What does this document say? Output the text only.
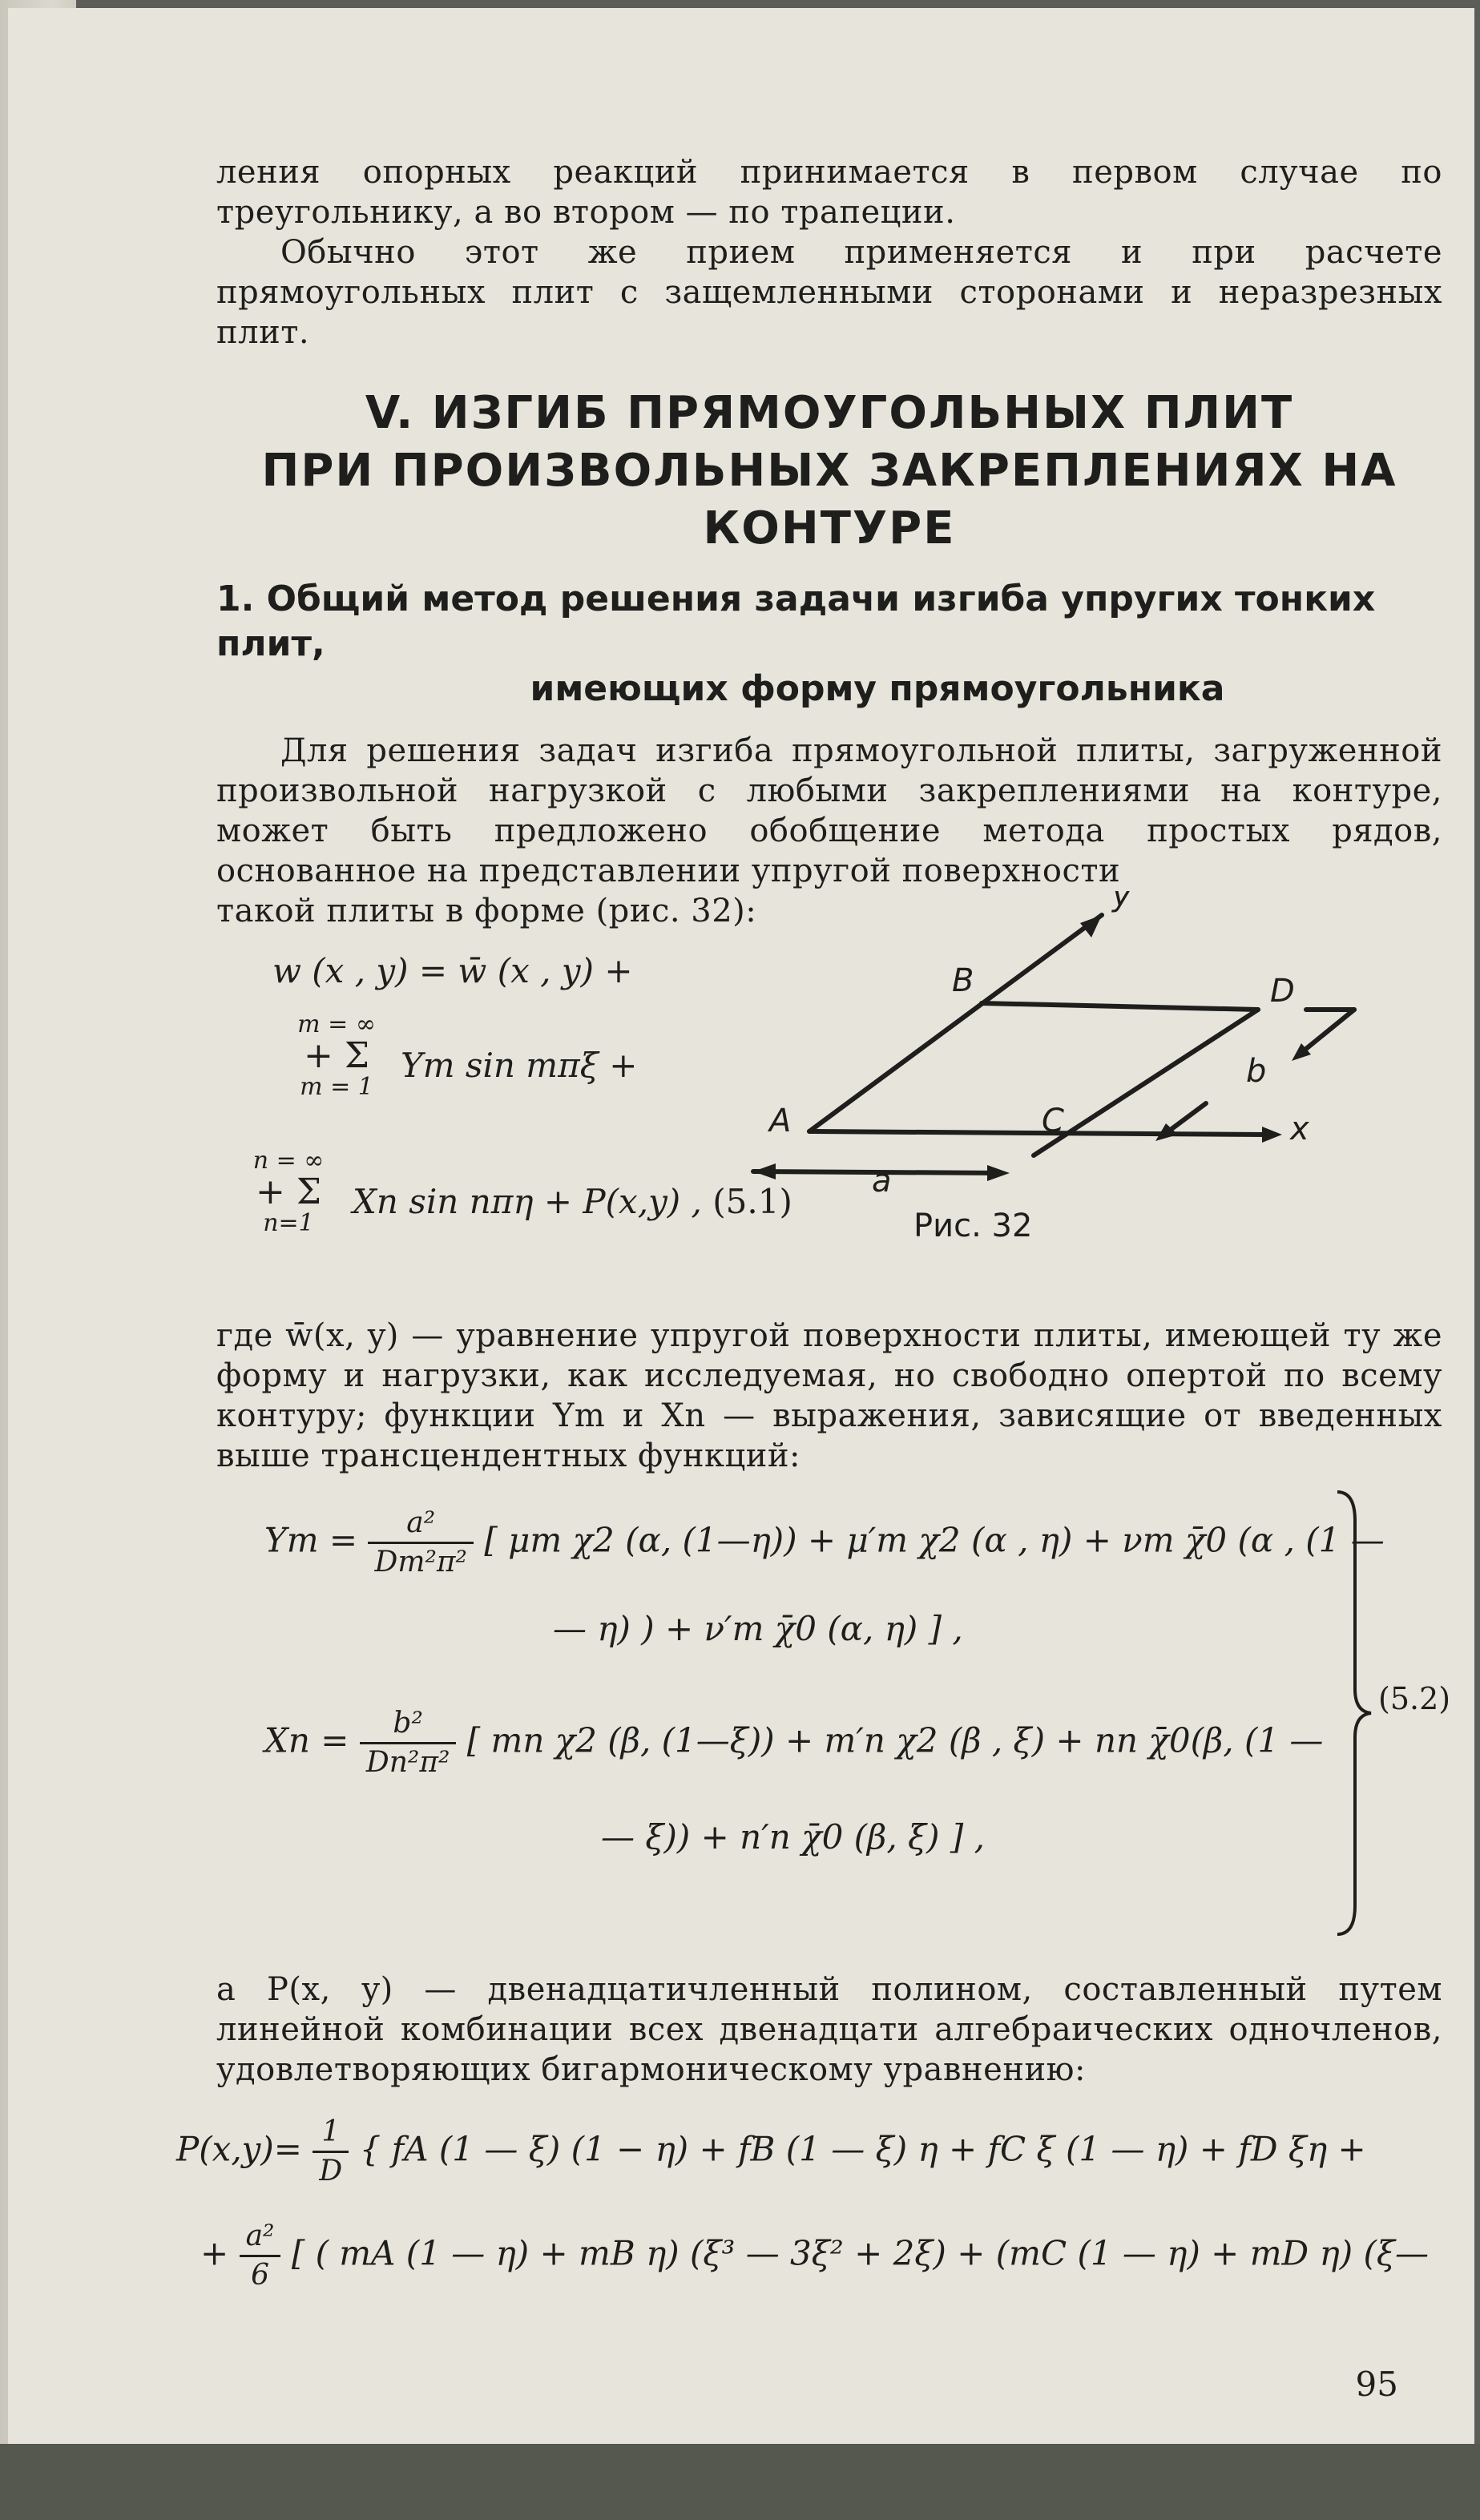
ления опорных реакций принимается в первом случае по треугольнику, а во втором — по трапеции.

Обычно этот же прием применяется и при расчете прямоугольных плит с защемленными сторонами и неразрезных плит.

V. ИЗГИБ ПРЯМОУГОЛЬНЫХ ПЛИТ
ПРИ ПРОИЗВОЛЬНЫХ ЗАКРЕПЛЕНИЯХ НА КОНТУРЕ
1. Общий метод решения задачи изгиба упругих тонких плит,
имеющих форму прямоугольника

Для решения задач изгиба прямоугольной плиты, загруженной произвольной нагрузкой с любыми закреплениями на контуре, может быть предложено обобщение метода простых рядов, основанное на представлении упругой поверхности

такой плиты в форме (рис. 32):
w (x , y) = w̄ (x , y) +
m = ∞
+ Σ
m = 1
Ym sin mπξ +
n = ∞
+ Σ
n=1
Xn sin nπη + P(x,y) , (5.1)
y
x
A
B
C
D
a
b
Рис. 32

где w̄(x, y) — уравнение упругой поверхности плиты, имеющей ту же форму и нагрузки, как исследуемая, но свободно опертой по всему контуру; функции Ym и Xn — выражения, зависящие от введенных выше трансцендентных функций:

$Ym = \frac{\text{a²}}{\text{Dm²π²}}$ [ μm χ2 (α, (1—η)) + μ′m χ2 (α , η) + νm χ̄0 (α , (1 —
— η) ) + ν′m χ̄0 (α, η) ] ,
$Xn = \frac{\text{b²}}{\text{Dn²π²}}$ [ mn χ2 (β, (1—ξ)) + m′n χ2 (β , ξ) + nn χ̄0(β, (1 —
— ξ)) + n′n χ̄0 (β, ξ) ] ,
(5.2)

а P(x, y) — двенадцатичленный полином, составленный путем линейной комбинации всех двенадцати алгебраических одночленов, удовлетворяющих бигармоническому уравнению:

$P(x,y)= \frac{1}{D}$ { fA (1 — ξ) (1 − η) + fB (1 — ξ) η + fC ξ (1 — η) + fD ξη +
+ $\frac{\text{a²}}{6}$ [ ( mA (1 — η) + mB η) (ξ³ — 3ξ² + 2ξ) + (mC (1 — η) + mD η) (ξ—
95
